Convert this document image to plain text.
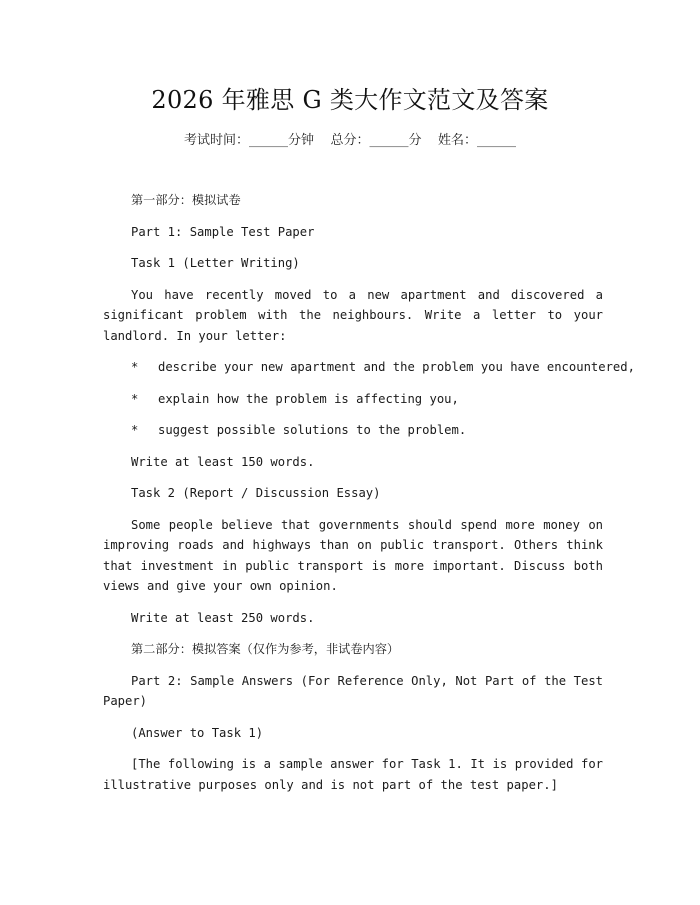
2026 年雅思 G 类大作文范文及答案
考试时间：______分钟    总分：______分    姓名：______

第一部分：模拟试卷

Part 1: Sample Test Paper

Task 1 (Letter Writing)

You have recently moved to a new apartment and discovered a significant problem with the neighbours. Write a letter to your landlord. In your letter:

* describe your new apartment and the problem you have encountered,

* explain how the problem is affecting you,

* suggest possible solutions to the problem.

Write at least 150 words.

Task 2 (Report / Discussion Essay)

Some people believe that governments should spend more money on improving roads and highways than on public transport. Others think that investment in public transport is more important. Discuss both views and give your own opinion.

Write at least 250 words.

第二部分：模拟答案（仅作为参考，非试卷内容）

Part 2: Sample Answers (For Reference Only, Not Part of the Test Paper)

(Answer to Task 1)

[The following is a sample answer for Task 1. It is provided for illustrative purposes only and is not part of the test paper.]
